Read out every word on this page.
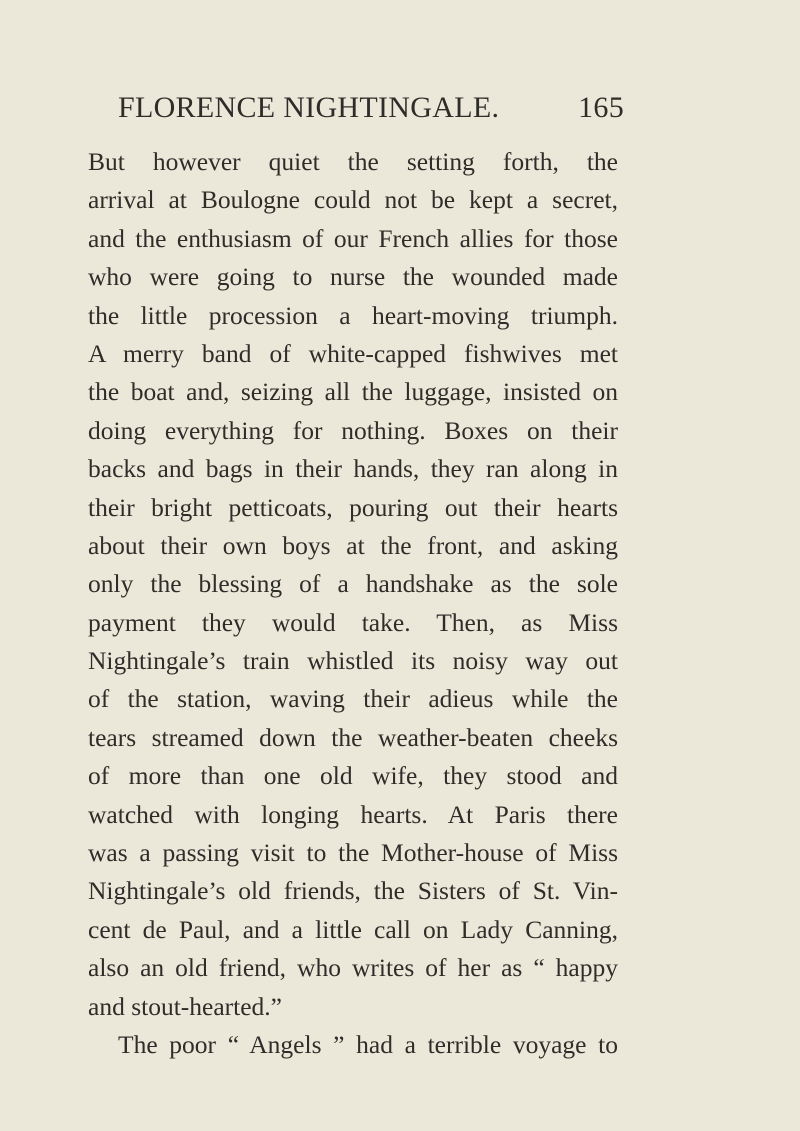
FLORENCE NIGHTINGALE.	165
But however quiet the setting forth, the
arrival at Boulogne could not be kept a secret,
and the enthusiasm of our French allies for those
who were going to nurse the wounded made
the little procession a heart-moving triumph.
A merry band of white-capped fishwives met
the boat and, seizing all the luggage, insisted on
doing everything for nothing. Boxes on their
backs and bags in their hands, they ran along in
their bright petticoats, pouring out their hearts
about their own boys at the front, and asking
only the blessing of a handshake as the sole
payment they would take. Then, as Miss
Nightingale’s train whistled its noisy way out
of the station, waving their adieus while the
tears streamed down the weather-beaten cheeks
of more than one old wife, they stood and
watched with longing hearts. At Paris there
was a passing visit to the Mother-house of Miss
Nightingale’s old friends, the Sisters of St. Vin-
cent de Paul, and a little call on Lady Canning,
also an old friend, who writes of her as “ happy
and stout-hearted.”
The poor “ Angels ” had a terrible voyage to
